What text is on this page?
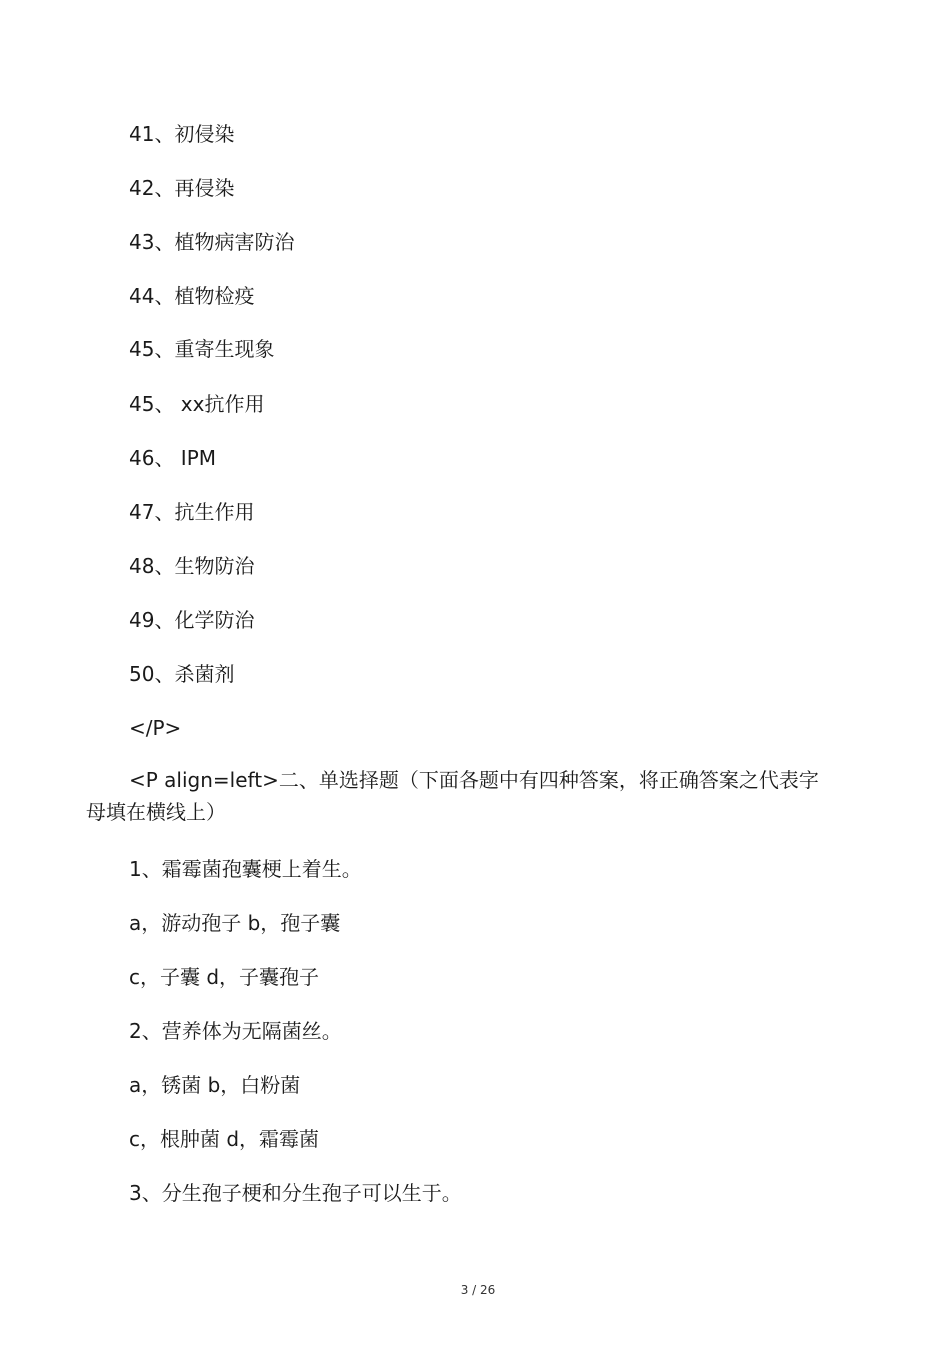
41、初侵染
42、再侵染
43、植物病害防治
44、植物检疫
45、重寄生现象
45、 xx抗作用
46、 IPM
47、抗生作用
48、生物防治
49、化学防治
50、杀菌剂
</P>
<P align=left>二、单选择题（下面各题中有四种答案，将正确答案之代表字母填在横线上）
1、霜霉菌孢囊梗上着生。
a，游动孢子 b，孢子囊
c，子囊 d，子囊孢子
2、营养体为无隔菌丝。
a，锈菌 b，白粉菌
c，根肿菌 d，霜霉菌
3、分生孢子梗和分生孢子可以生于。
3 / 26
